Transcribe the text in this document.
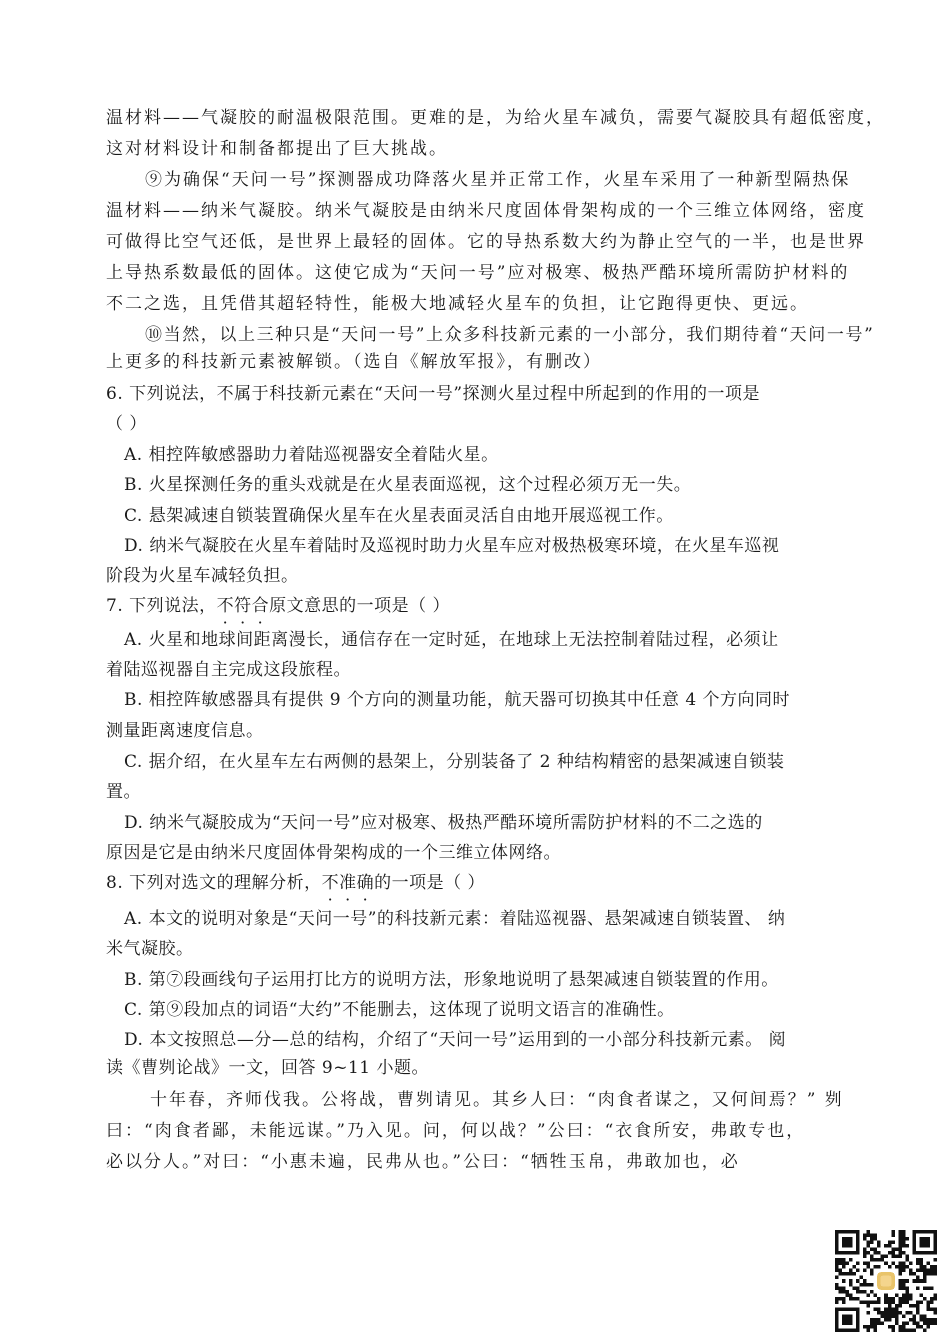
温材料——气凝胶的耐温极限范围。更难的是，为给火星车减负，需要气凝胶具有超低密度，
这对材料设计和制备都提出了巨大挑战。
⑨为确保“天问一号”探测器成功降落火星并正常工作，火星车采用了一种新型隔热保
温材料——纳米气凝胶。纳米气凝胶是由纳米尺度固体骨架构成的一个三维立体网络，密度
可做得比空气还低，是世界上最轻的固体。它的导热系数大约为静止空气的一半，也是世界
上导热系数最低的固体。这使它成为“天问一号”应对极寒、极热严酷环境所需防护材料的
不二之选，且凭借其超轻特性，能极大地减轻火星车的负担，让它跑得更快、更远。
⑩当然，以上三种只是“天问一号”上众多科技新元素的一小部分，我们期待着“天问一号”
上更多的科技新元素被解锁。（选自《解放军报》，有删改）
6. 下列说法，不属于科技新元素在“天问一号”探测火星过程中所起到的作用的一项是
（ ）
A. 相控阵敏感器助力着陆巡视器安全着陆火星。
B. 火星探测任务的重头戏就是在火星表面巡视，这个过程必须万无一失。
C. 悬架减速自锁装置确保火星车在火星表面灵活自由地开展巡视工作。
D. 纳米气凝胶在火星车着陆时及巡视时助力火星车应对极热极寒环境，在火星车巡视
阶段为火星车减轻负担。
7. 下列说法，不符合原文意思的一项是（ ）
A. 火星和地球间距离漫长，通信存在一定时延，在地球上无法控制着陆过程，必须让
着陆巡视器自主完成这段旅程。
B. 相控阵敏感器具有提供 9 个方向的测量功能，航天器可切换其中任意 4 个方向同时
测量距离速度信息。
C. 据介绍，在火星车左右两侧的悬架上，分别装备了 2 种结构精密的悬架减速自锁装
置。
D. 纳米气凝胶成为“天问一号”应对极寒、极热严酷环境所需防护材料的不二之选的
原因是它是由纳米尺度固体骨架构成的一个三维立体网络。
8. 下列对选文的理解分析，不准确的一项是（ ）
A. 本文的说明对象是“天问一号”的科技新元素：着陆巡视器、悬架减速自锁装置、 纳
米气凝胶。
B. 第⑦段画线句子运用打比方的说明方法，形象地说明了悬架减速自锁装置的作用。
C. 第⑨段加点的词语“大约”不能删去，这体现了说明文语言的准确性。
D. 本文按照总—分—总的结构，介绍了“天问一号”运用到的一小部分科技新元素。 阅
读《曹刿论战》一文，回答 9~11 小题。
十年春，齐师伐我。公将战，曹刿请见。其乡人曰：“肉食者谋之，又何间焉？” 刿
曰：“肉食者鄙，未能远谋。”乃入见。问，何以战？”公曰：“衣食所安，弗敢专也，
必以分人。”对曰：“小惠未遍，民弗从也。”公曰：“牺牲玉帛，弗敢加也，必
